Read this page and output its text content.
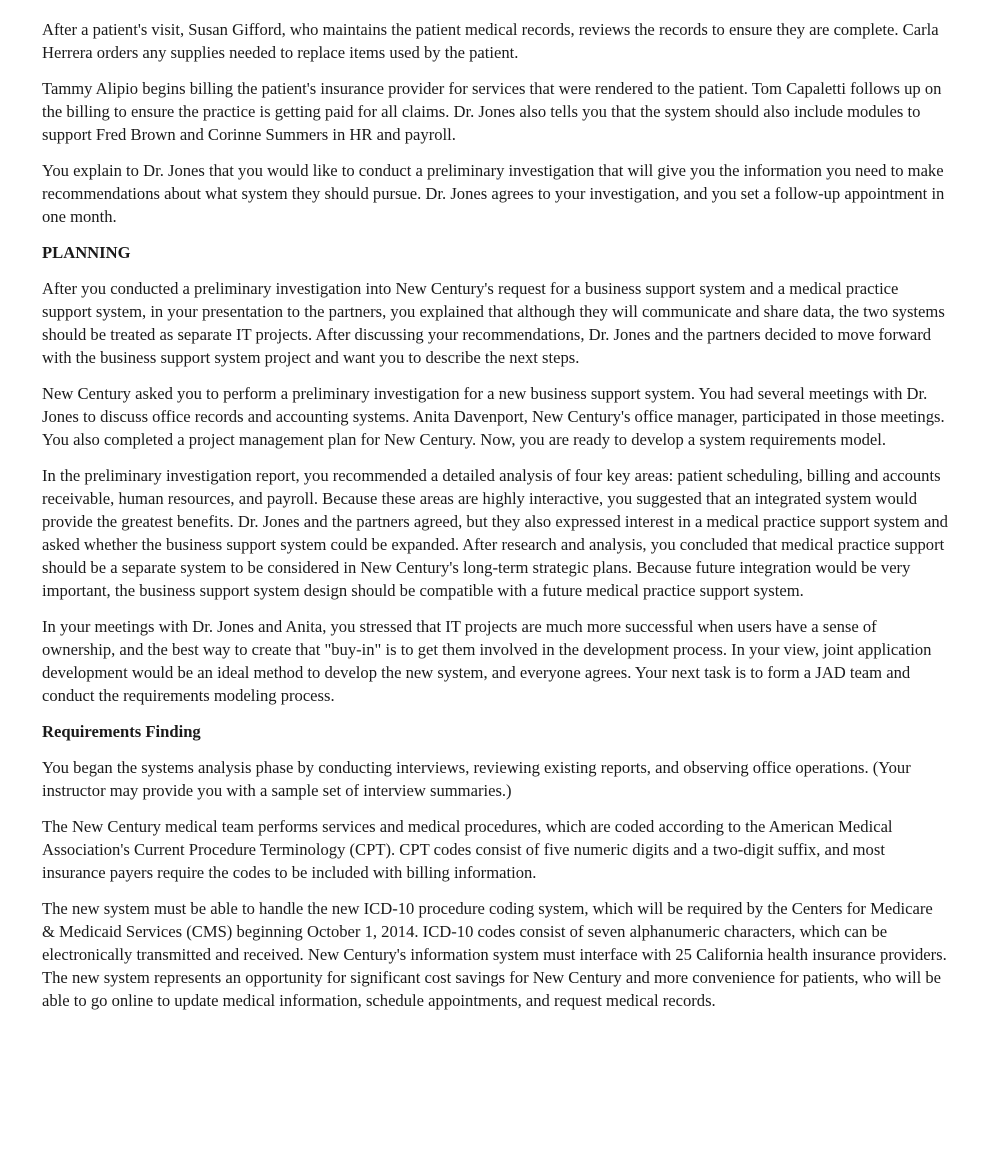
After a patient's visit, Susan Gifford, who maintains the patient medical records, reviews the records to ensure they are complete. Carla Herrera orders any supplies needed to replace items used by the patient.

Tammy Alipio begins billing the patient's insurance provider for services that were rendered to the patient. Tom Capaletti follows up on the billing to ensure the practice is getting paid for all claims. Dr. Jones also tells you that the system should also include modules to support Fred Brown and Corinne Summers in HR and payroll.

You explain to Dr. Jones that you would like to conduct a preliminary investigation that will give you the information you need to make recommendations about what system they should pursue. Dr. Jones agrees to your investigation, and you set a follow-up appointment in one month.

PLANNING

After you conducted a preliminary investigation into New Century's request for a business support system and a medical practice support system, in your presentation to the partners, you explained that although they will communicate and share data, the two systems should be treated as separate IT projects. After discussing your recommendations, Dr. Jones and the partners decided to move forward with the business support system project and want you to describe the next steps.

New Century asked you to perform a preliminary investigation for a new business support system. You had several meetings with Dr. Jones to discuss office records and accounting systems. Anita Davenport, New Century's office manager, participated in those meetings. You also completed a project management plan for New Century. Now, you are ready to develop a system requirements model.

In the preliminary investigation report, you recommended a detailed analysis of four key areas: patient scheduling, billing and accounts receivable, human resources, and payroll. Because these areas are highly interactive, you suggested that an integrated system would provide the greatest benefits. Dr. Jones and the partners agreed, but they also expressed interest in a medical practice support system and asked whether the business support system could be expanded. After research and analysis, you concluded that medical practice support should be a separate system to be considered in New Century's long-term strategic plans. Because future integration would be very important, the business support system design should be compatible with a future medical practice support system.

In your meetings with Dr. Jones and Anita, you stressed that IT projects are much more successful when users have a sense of ownership, and the best way to create that "buy-in" is to get them involved in the development process. In your view, joint application development would be an ideal method to develop the new system, and everyone agrees. Your next task is to form a JAD team and conduct the requirements modeling process.

Requirements Finding

You began the systems analysis phase by conducting interviews, reviewing existing reports, and observing office operations. (Your instructor may provide you with a sample set of interview summaries.)

The New Century medical team performs services and medical procedures, which are coded according to the American Medical Association's Current Procedure Terminology (CPT). CPT codes consist of five numeric digits and a two-digit suffix, and most insurance payers require the codes to be included with billing information.

The new system must be able to handle the new ICD-10 procedure coding system, which will be required by the Centers for Medicare & Medicaid Services (CMS) beginning October 1, 2014. ICD-10 codes consist of seven alphanumeric characters, which can be electronically transmitted and received. New Century's information system must interface with 25 California health insurance providers. The new system represents an opportunity for significant cost savings for New Century and more convenience for patients, who will be able to go online to update medical information, schedule appointments, and request medical records.
